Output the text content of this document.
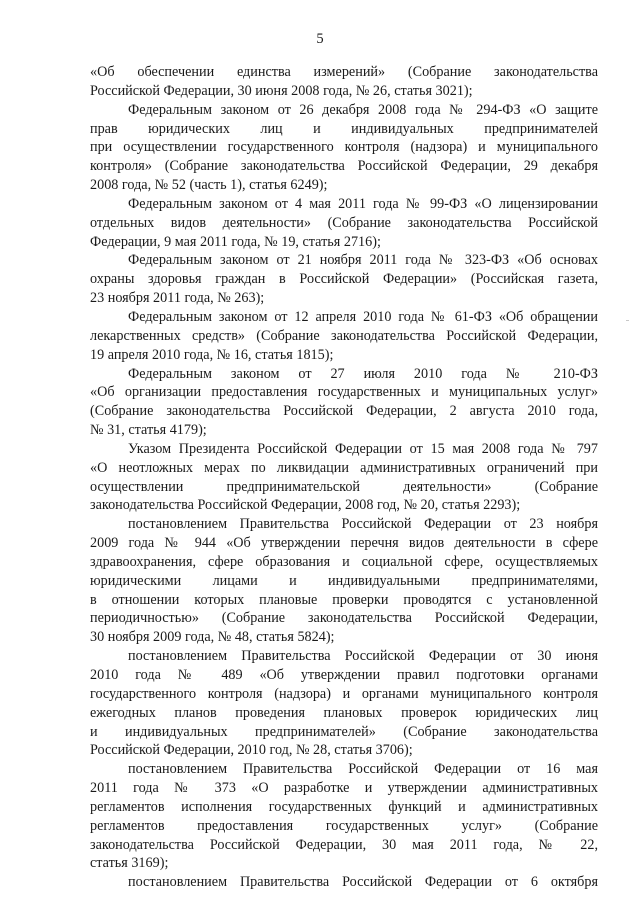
5
«Об обеспечении единства измерений» (Собрание законодательства
Российской Федерации, 30 июня 2008 года, № 26, статья 3021);
Федеральным законом от 26 декабря 2008 года № 294-ФЗ «О защите
прав юридических лиц и индивидуальных предпринимателей
при осуществлении государственного контроля (надзора) и муниципального
контроля» (Собрание законодательства Российской Федерации, 29 декабря
2008 года, № 52 (часть 1), статья 6249);
Федеральным законом от 4 мая 2011 года № 99-ФЗ «О лицензировании
отдельных видов деятельности» (Собрание законодательства Российской
Федерации, 9 мая 2011 года, № 19, статья 2716);
Федеральным законом от 21 ноября 2011 года № 323-ФЗ «Об основах
охраны здоровья граждан в Российской Федерации» (Российская газета,
23 ноября 2011 года, № 263);
Федеральным законом от 12 апреля 2010 года № 61-ФЗ «Об обращении
лекарственных средств» (Собрание законодательства Российской Федерации,
19 апреля 2010 года, № 16, статья 1815);
Федеральным законом от 27 июля 2010 года № 210-ФЗ
«Об организации предоставления государственных и муниципальных услуг»
(Собрание законодательства Российской Федерации, 2 августа 2010 года,
№ 31, статья 4179);
Указом Президента Российской Федерации от 15 мая 2008 года № 797
«О неотложных мерах по ликвидации административных ограничений при
осуществлении предпринимательской деятельности» (Собрание
законодательства Российской Федерации, 2008 год, № 20, статья 2293);
постановлением Правительства Российской Федерации от 23 ноября
2009 года № 944 «Об утверждении перечня видов деятельности в сфере
здравоохранения, сфере образования и социальной сфере, осуществляемых
юридическими лицами и индивидуальными предпринимателями,
в отношении которых плановые проверки проводятся с установленной
периодичностью» (Собрание законодательства Российской Федерации,
30 ноября 2009 года, № 48, статья 5824);
постановлением Правительства Российской Федерации от 30 июня
2010 года № 489 «Об утверждении правил подготовки органами
государственного контроля (надзора) и органами муниципального контроля
ежегодных планов проведения плановых проверок юридических лиц
и индивидуальных предпринимателей» (Собрание законодательства
Российской Федерации, 2010 год, № 28, статья 3706);
постановлением Правительства Российской Федерации от 16 мая
2011 года № 373 «О разработке и утверждении административных
регламентов исполнения государственных функций и административных
регламентов предоставления государственных услуг» (Собрание
законодательства Российской Федерации, 30 мая 2011 года, № 22,
статья 3169);
постановлением Правительства Российской Федерации от 6 октября
